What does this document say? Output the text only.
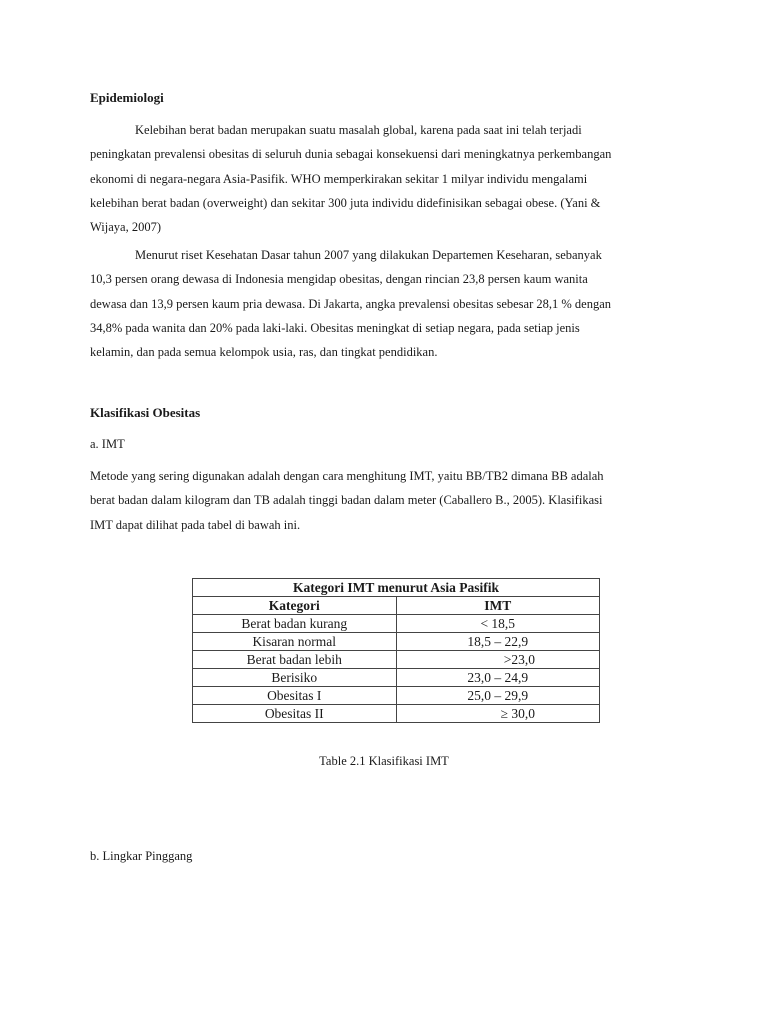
Epidemiologi
Kelebihan berat badan merupakan suatu masalah global, karena pada saat ini telah terjadi
peningkatan prevalensi obesitas di seluruh dunia sebagai konsekuensi dari meningkatnya perkembangan
ekonomi di negara-negara Asia-Pasifik. WHO memperkirakan sekitar 1 milyar individu mengalami
kelebihan berat badan (overweight) dan sekitar 300 juta individu didefinisikan sebagai obese. (Yani &
Wijaya, 2007)
Menurut riset Kesehatan Dasar tahun 2007 yang dilakukan Departemen Keseharan, sebanyak
10,3 persen orang dewasa di Indonesia mengidap obesitas, dengan rincian 23,8 persen kaum wanita
dewasa dan 13,9 persen kaum pria dewasa. Di Jakarta, angka prevalensi obesitas sebesar 28,1 % dengan
34,8% pada wanita dan 20% pada laki-laki. Obesitas meningkat di setiap negara, pada setiap jenis
kelamin, dan pada semua kelompok usia, ras, dan tingkat pendidikan.
Klasifikasi Obesitas
a. IMT
Metode yang sering digunakan adalah dengan cara menghitung IMT, yaitu BB/TB2 dimana BB adalah
berat badan dalam kilogram dan TB adalah tinggi badan dalam meter (Caballero B., 2005). Klasifikasi
IMT dapat dilihat pada tabel di bawah ini.
Kategori IMT menurut Asia Pasifik	
Kategori	IMT
Berat badan kurang	< 18,5
Kisaran normal	18,5 – 22,9
Berat badan lebih	>23,0
Berisiko	23,0 – 24,9
Obesitas I	25,0 – 29,9
Obesitas II	≥ 30,0
Table 2.1 Klasifikasi IMT
b. Lingkar Pinggang
